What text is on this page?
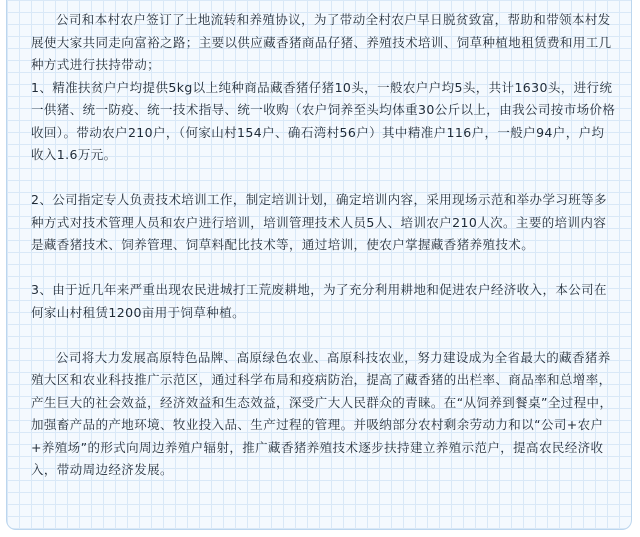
公司和本村农户签订了土地流转和养殖协议，为了带动全村农户早日脱贫致富，帮助和带领本村发展使大家共同走向富裕之路；主要以供应藏香猪商品仔猪、养殖技术培训、饲草种植地租赁费和用工几种方式进行扶持带动；

1、精准扶贫户户均提供5kg以上纯种商品藏香猪仔猪10头，一般农户户均5头，共计1630头，进行统一供猪、统一防疫、统一技术指导、统一收购（农户饲养至头均体重30公斤以上，由我公司按市场价格收回）。带动农户210户，（何家山村154户、确石湾村56户）其中精准户116户，一般户94户，户均收入1.6万元。

2、公司指定专人负责技术培训工作，制定培训计划，确定培训内容，采用现场示范和举办学习班等多种方式对技术管理人员和农户进行培训，培训管理技术人员5人、培训农户210人次。主要的培训内容是藏香猪技术、饲养管理、饲草料配比技术等，通过培训，使农户掌握藏香猪养殖技术。

3、由于近几年来严重出现农民进城打工荒废耕地，为了充分利用耕地和促进农户经济收入，本公司在何家山村租赁1200亩用于饲草种植。

公司将大力发展高原特色品牌、高原绿色农业、高原科技农业，努力建设成为全省最大的藏香猪养殖大区和农业科技推广示范区，通过科学布局和疫病防治，提高了藏香猪的出栏率、商品率和总增率，产生巨大的社会效益，经济效益和生态效益，深受广大人民群众的青睐。在“从饲养到餐桌”全过程中，加强畜产品的产地环境、牧业投入品、生产过程的管理。并吸纳部分农村剩余劳动力和以“公司+农户+养殖场”的形式向周边养殖户辐射，推广藏香猪养殖技术逐步扶持建立养殖示范户，提高农民经济收入，带动周边经济发展。
